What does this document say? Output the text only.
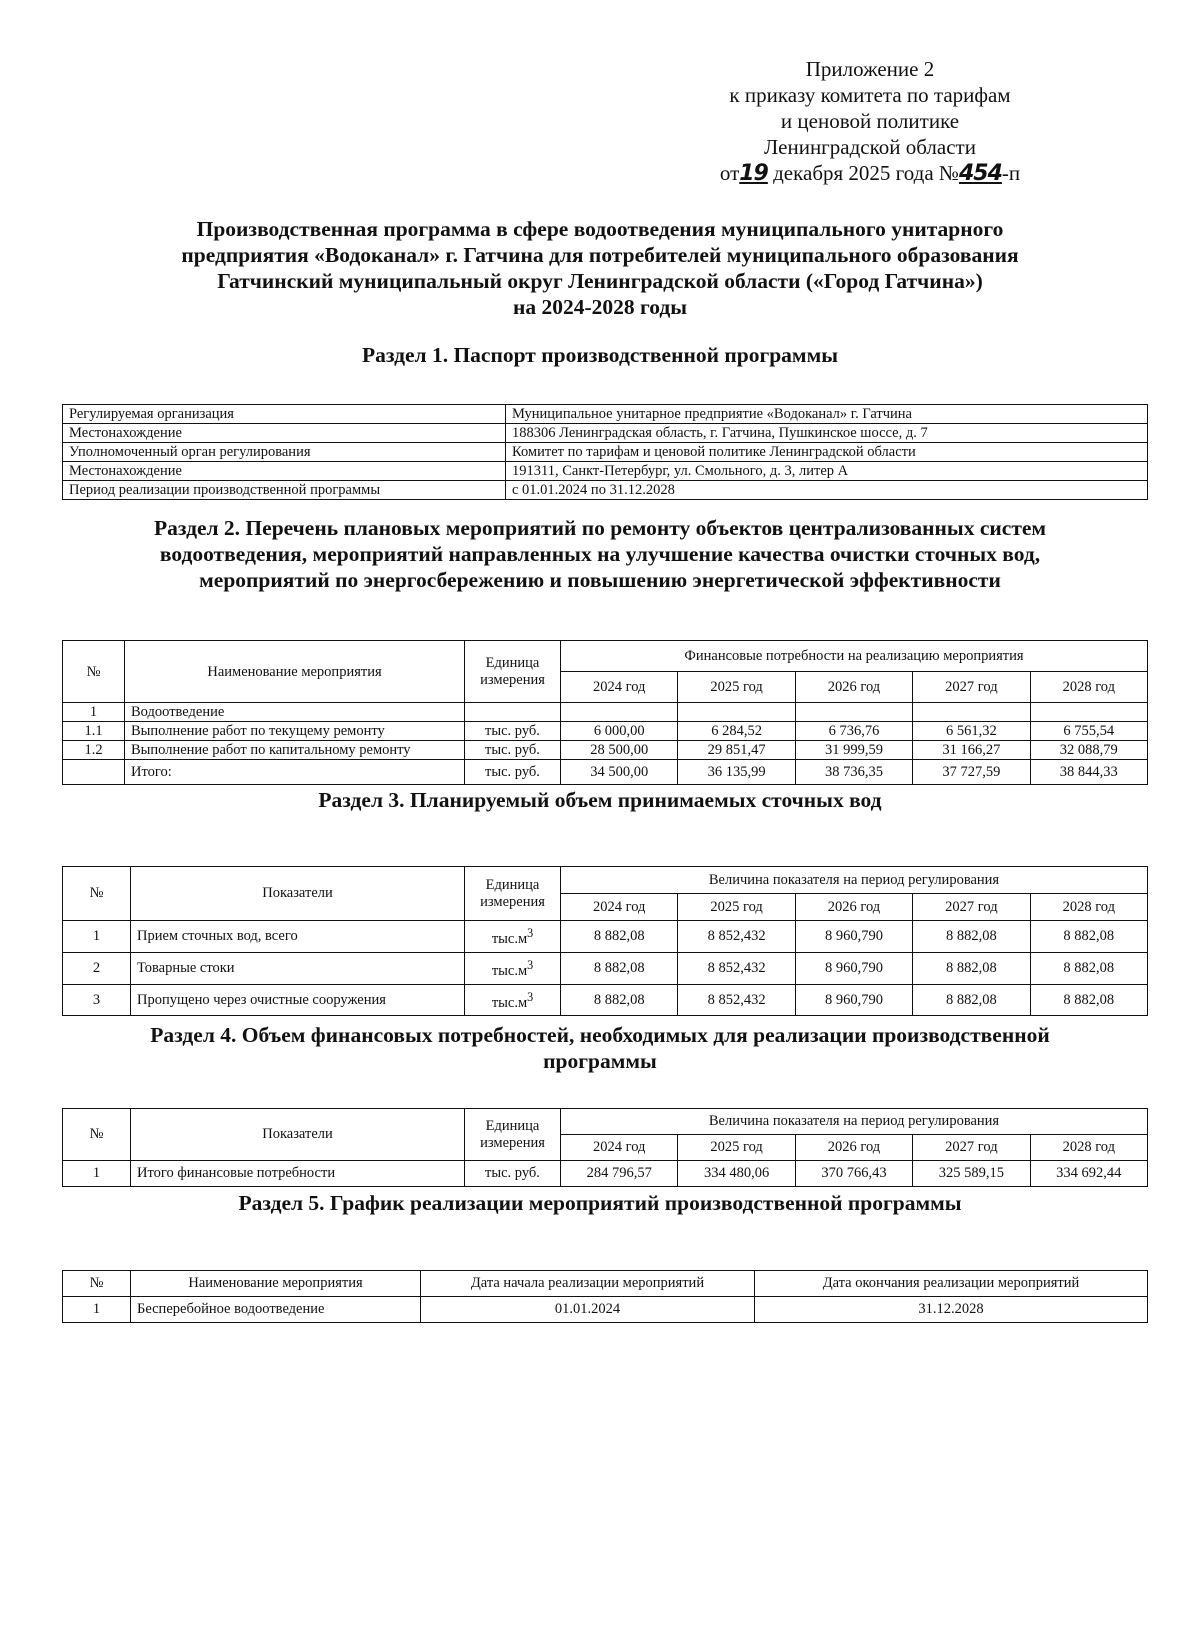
Приложение 2
к приказу комитета по тарифам
и ценовой политике
Ленинградской области
от19 декабря 2025 года №454-п
Производственная программа в сфере водоотведения муниципального унитарного
предприятия «Водоканал» г. Гатчина для потребителей муниципального образования
Гатчинский муниципальный округ Ленинградской области («Город Гатчина»)
на 2024-2028 годы
Раздел 1. Паспорт производственной программы
Регулируемая организация	Муниципальное унитарное предприятие «Водоканал» г. Гатчина
Местонахождение	188306 Ленинградская область, г. Гатчина, Пушкинское шоссе, д. 7
Уполномоченный орган регулирования	Комитет по тарифам и ценовой политике Ленинградской области
Местонахождение	191311, Санкт-Петербург, ул. Смольного, д. 3, литер А
Период реализации производственной программы	с 01.01.2024 по 31.12.2028
Раздел 2. Перечень плановых мероприятий по ремонту объектов централизованных систем
водоотведения, мероприятий направленных на улучшение качества очистки сточных вод,
мероприятий по энергосбережению и повышению энергетической эффективности
№	Наименование мероприятия	Единица измерения	Финансовые потребности на реализацию мероприятия				
			2024 год	2025 год	2026 год	2027 год	2028 год
1	Водоотведение						
1.1	Выполнение работ по текущему ремонту	тыс. руб.	6 000,00	6 284,52	6 736,76	6 561,32	6 755,54
1.2	Выполнение работ по капитальному ремонту	тыс. руб.	28 500,00	29 851,47	31 999,59	31 166,27	32 088,79
	Итого:	тыс. руб.	34 500,00	36 135,99	38 736,35	37 727,59	38 844,33
Раздел 3. Планируемый объем принимаемых сточных вод
№	Показатели	Единица измерения	Величина показателя на период регулирования				
			2024 год	2025 год	2026 год	2027 год	2028 год
1	Прием сточных вод, всего	$тыс.м^3$	8 882,08	8 852,432	8 960,790	8 882,08	8 882,08
2	Товарные стоки	$тыс.м^3$	8 882,08	8 852,432	8 960,790	8 882,08	8 882,08
3	Пропущено через очистные сооружения	$тыс.м^3$	8 882,08	8 852,432	8 960,790	8 882,08	8 882,08
Раздел 4. Объем финансовых потребностей, необходимых для реализации производственной
программы
№	Показатели	Единица измерения	Величина показателя на период регулирования				
			2024 год	2025 год	2026 год	2027 год	2028 год
1	Итого финансовые потребности	тыс. руб.	284 796,57	334 480,06	370 766,43	325 589,15	334 692,44
Раздел 5. График реализации мероприятий производственной программы
№	Наименование мероприятия	Дата начала реализации мероприятий	Дата окончания реализации мероприятий
1	Бесперебойное водоотведение	01.01.2024	31.12.2028
